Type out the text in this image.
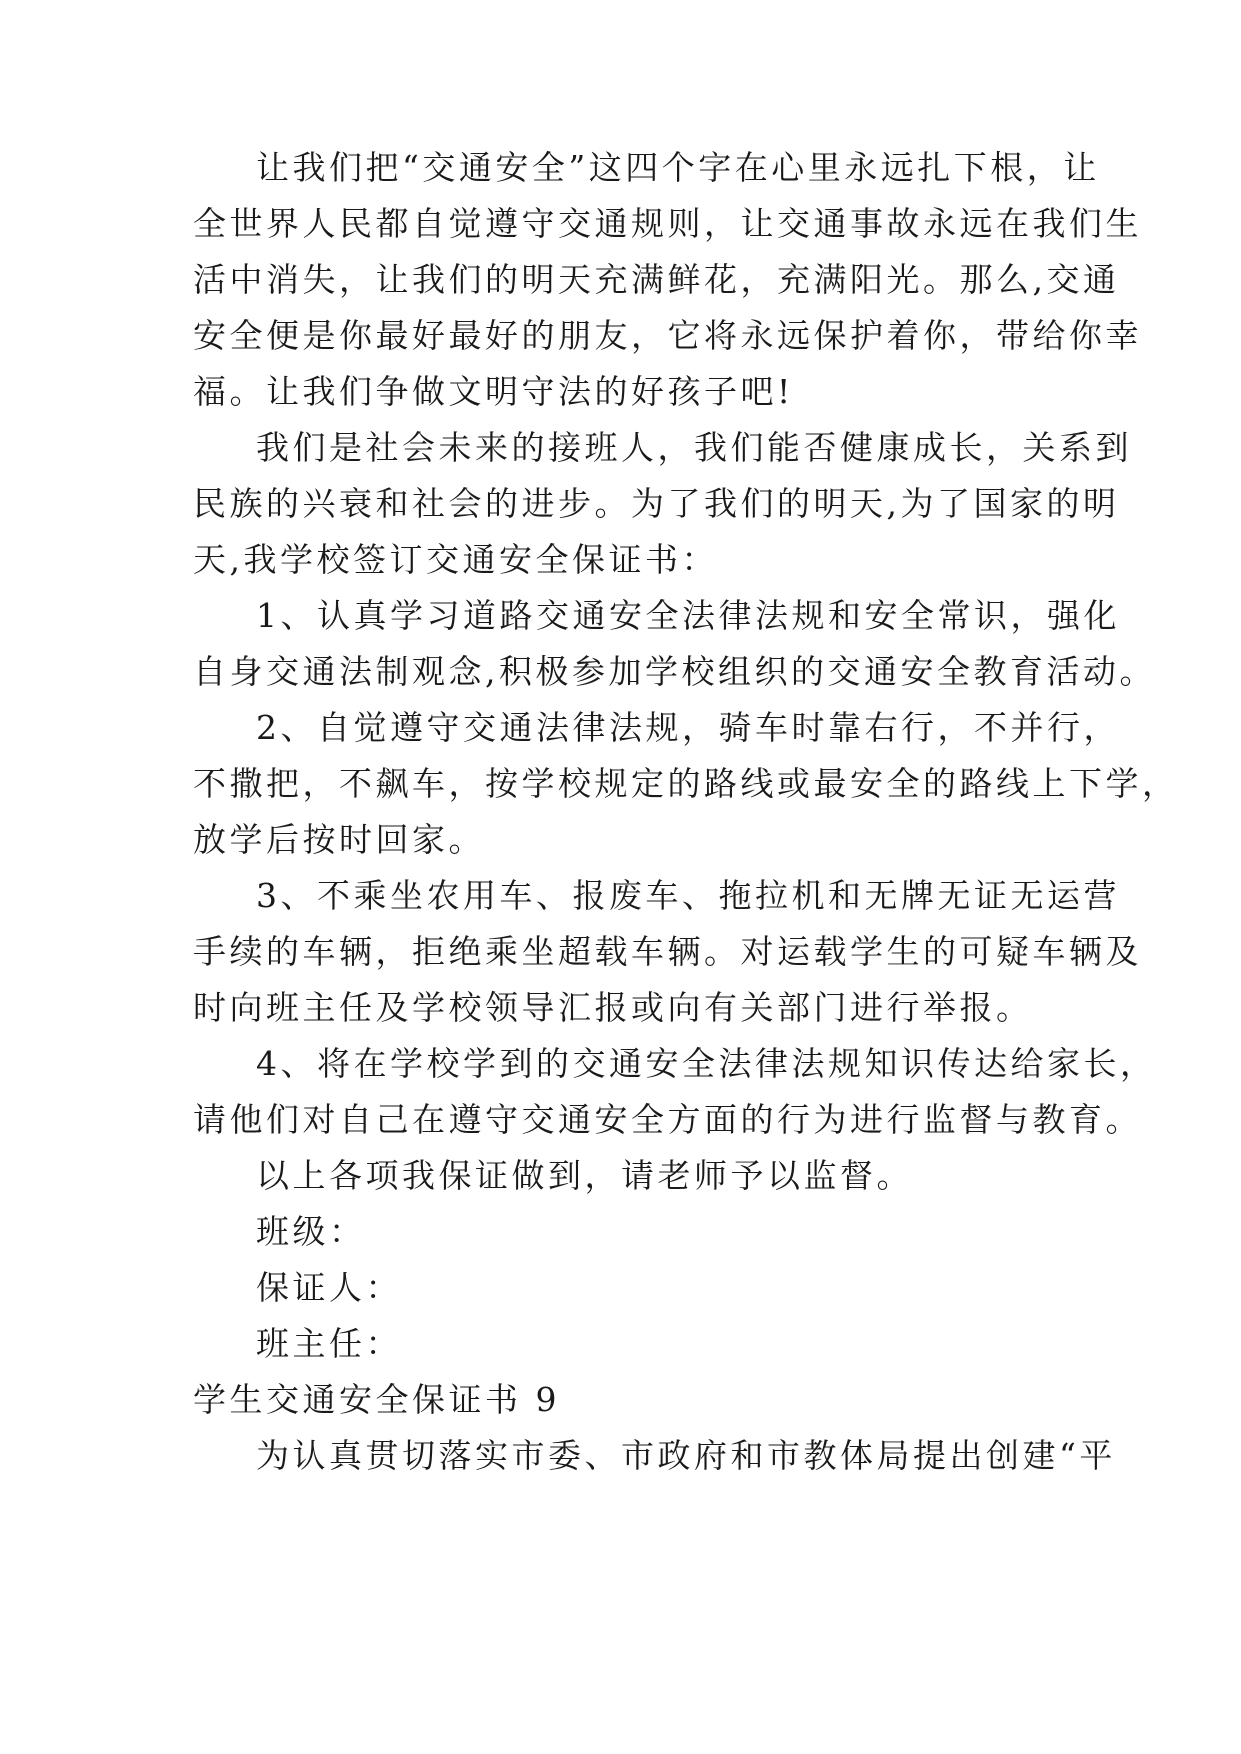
让我们把“交通安全”这四个字在心里永远扎下根，让
全世界人民都自觉遵守交通规则，让交通事故永远在我们生
活中消失，让我们的明天充满鲜花，充满阳光。那么,交通
安全便是你最好最好的朋友，它将永远保护着你，带给你幸
福。让我们争做文明守法的好孩子吧!
我们是社会未来的接班人，我们能否健康成长，关系到
民族的兴衰和社会的进步。为了我们的明天,为了国家的明
天,我学校签订交通安全保证书：
1、认真学习道路交通安全法律法规和安全常识，强化
自身交通法制观念,积极参加学校组织的交通安全教育活动。
2、自觉遵守交通法律法规，骑车时靠右行，不并行，
不撒把，不飙车，按学校规定的路线或最安全的路线上下学，
放学后按时回家。
3、不乘坐农用车、报废车、拖拉机和无牌无证无运营
手续的车辆，拒绝乘坐超载车辆。对运载学生的可疑车辆及
时向班主任及学校领导汇报或向有关部门进行举报。
4、将在学校学到的交通安全法律法规知识传达给家长，
请他们对自己在遵守交通安全方面的行为进行监督与教育。
以上各项我保证做到，请老师予以监督。
班级：
保证人：
班主任：
学生交通安全保证书 9
为认真贯切落实市委、市政府和市教体局提出创建“平
